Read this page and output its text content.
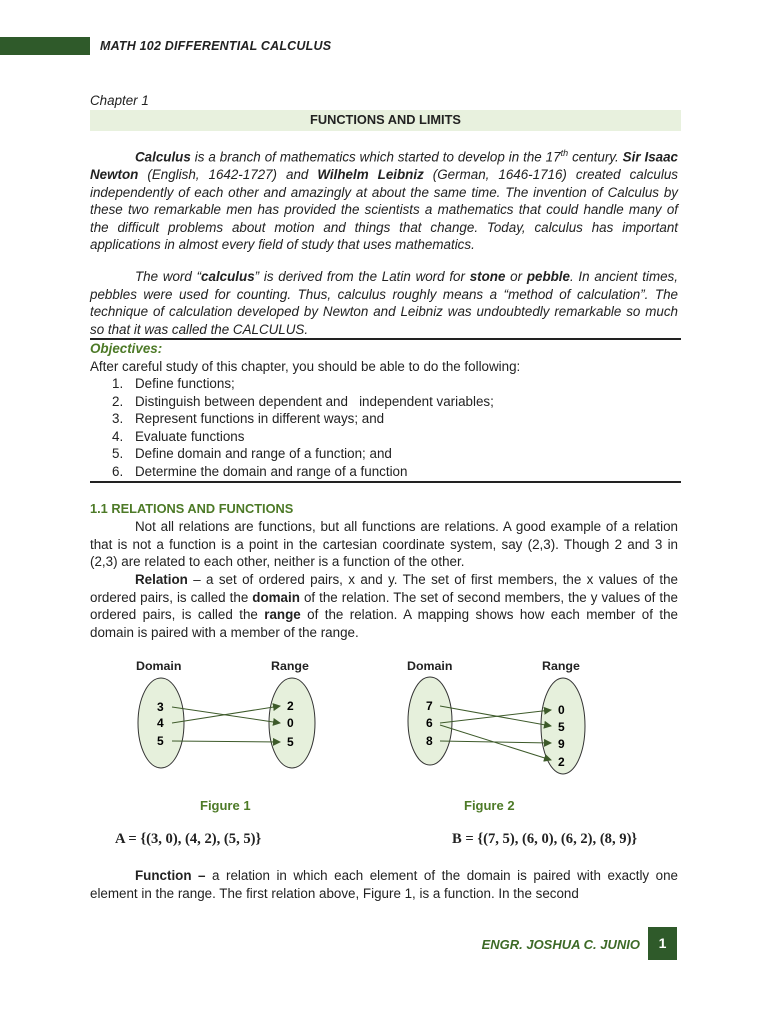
MATH 102 DIFFERENTIAL CALCULUS
Chapter 1
FUNCTIONS AND LIMITS
Calculus is a branch of mathematics which started to develop in the 17th century. Sir Isaac Newton (English, 1642-1727) and Wilhelm Leibniz (German, 1646-1716) created calculus independently of each other and amazingly at about the same time. The invention of Calculus by these two remarkable men has provided the scientists a mathematics that could handle many of the difficult problems about motion and things that change. Today, calculus has important applications in almost every field of study that uses mathematics.
The word “calculus” is derived from the Latin word for stone or pebble. In ancient times, pebbles were used for counting. Thus, calculus roughly means a “method of calculation”. The technique of calculation developed by Newton and Leibniz was undoubtedly remarkable so much so that it was called the CALCULUS.
Objectives:
After careful study of this chapter, you should be able to do the following:
1. Define functions;
2. Distinguish between dependent and   independent variables;
3. Represent functions in different ways; and
4. Evaluate functions
5. Define domain and range of a function; and
6. Determine the domain and range of a function
1.1 RELATIONS AND FUNCTIONS
Not all relations are functions, but all functions are relations. A good example of a relation that is not a function is a point in the cartesian coordinate system, say (2,3). Though 2 and 3 in (2,3) are related to each other, neither is a function of the other.
Relation – a set of ordered pairs, x and y. The set of first members, the x values of the ordered pairs, is called the domain of the relation. The set of second members, the y values of the ordered pairs, is called the range of the relation. A mapping shows how each member of the domain is paired with a member of the range.
Domain	Range
3
4
5
2
0
5
Figure 1
A = {(3, 0), (4, 2), (5, 5)}
Domain	Range
7
6
8
0
5
9
2
Figure 2
B = {(7, 5), (6, 0), (6, 2), (8, 9)}
Function – a relation in which each element of the domain is paired with exactly one element in the range. The first relation above, Figure 1, is a function. In the second
ENGR. JOSHUA C. JUNIO	1
